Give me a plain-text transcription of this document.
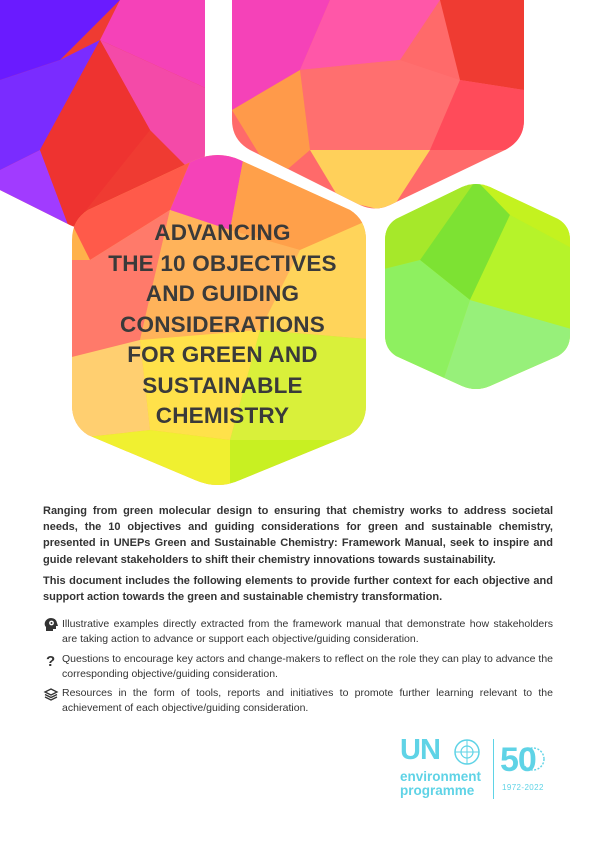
ADVANCING
THE 10 OBJECTIVES
AND GUIDING
CONSIDERATIONS
FOR GREEN AND
SUSTAINABLE
CHEMISTRY
Ranging from green molecular design to ensuring that chemistry works to address societal needs, the 10 objectives and guiding considerations for green and sustainable chemistry, presented in UNEPs Green and Sustainable Chemistry: Framework Manual, seek to inspire and guide relevant stakeholders to shift their chemistry innovations towards sustainability.
This document includes the following elements to provide further context for each objective and support action towards the green and sustainable chemistry transformation.
Illustrative examples directly extracted from the framework manual that demonstrate how stakeholders are taking action to advance or support each objective/guiding consideration.
? Questions to encourage key actors and change-makers to reflect on the role they can play to advance the corresponding objective/guiding consideration.
Resources in the form of tools, reports and initiatives to promote further learning relevant to the achievement of each objective/guiding consideration.
UN
environment
programme
50
1972-2022
